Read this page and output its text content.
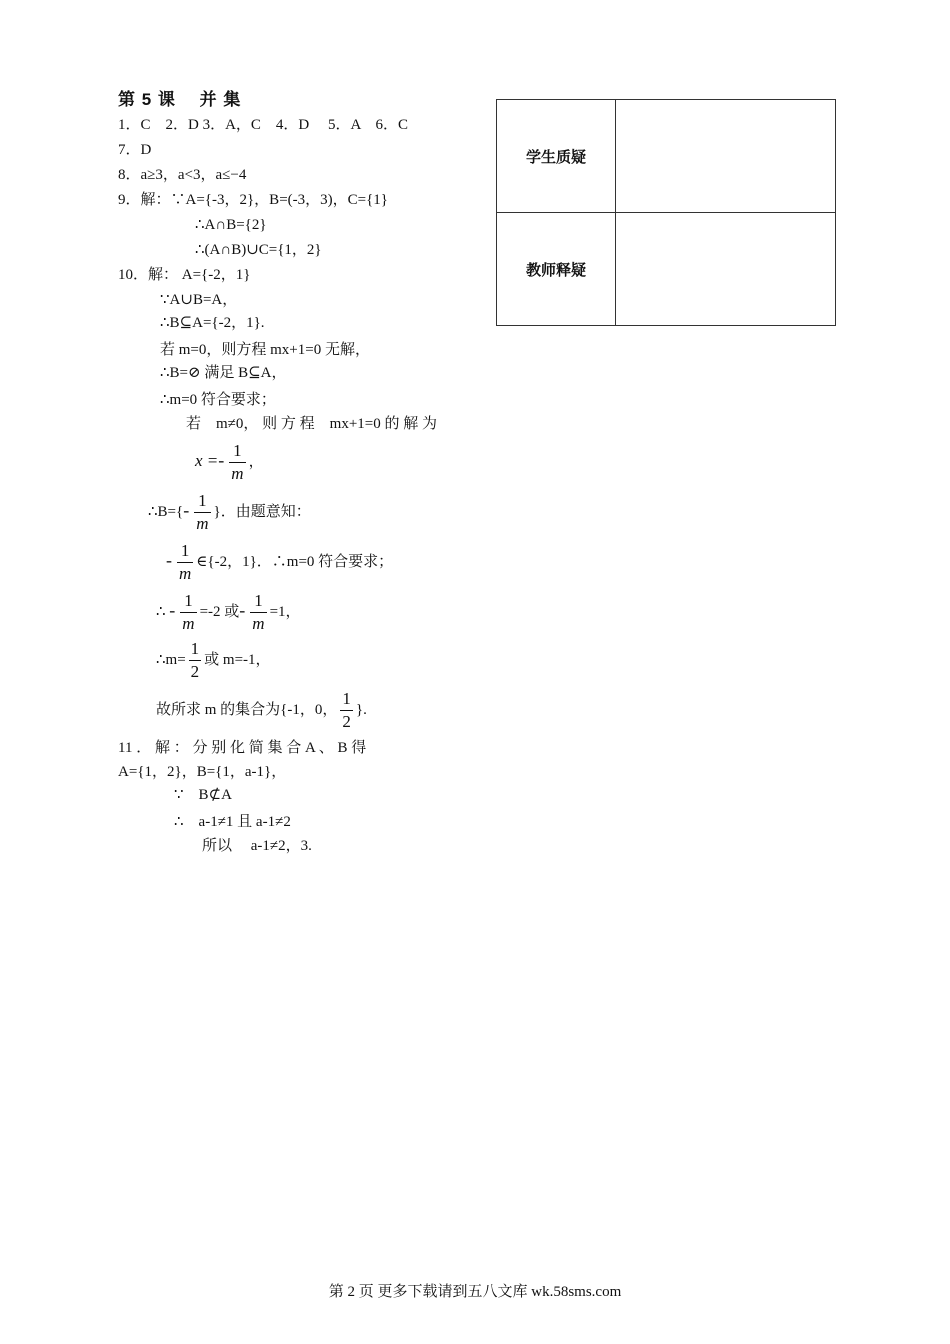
第 5 课　 并 集
1．C　2．D 3．A，C　4．D　 5．A　6．C
7．D
8．a≥3，a<3，a≤−4
9．解：∵A={-3，2}，B=(-3，3)，C={1}
∴A∩B={2}
∴(A∩B)∪C={1，2}
10．解： A={-2，1}
∵A∪B=A，
∴B⊆A={-2，1}.
若 m=0，则方程 mx+1=0 无解，
∴B=⊘ 满足 B⊆A，
∴m=0 符合要求；
若　m≠0， 则 方 程　mx+1=0 的 解 为
$x =- \frac{1}{m}$ ，
∴B={- $\frac{1}{m}$ }．由题意知：
- $\frac{1}{m}$ ∈{-2，1}．∴m=0 符合要求；
∴ - $\frac{1}{m} =-2$ 或- $\frac{1}{m} =1$，
∴m= $\frac{1}{2}$ 或 m=-1，
故所求 m 的集合为{-1，0， $\frac{1}{2}$ }.
11 ． 解 ： 分 别 化 简 集 合 A 、 B 得
A={1，2}，B={1，a-1}，
∵　B⊄A
∴　a-1≠1 且 a-1≠2
所以　 a-1≠2，3.
学生质疑	
教师释疑	
第 2 页 更多下载请到五八文库 wk.58sms.com
